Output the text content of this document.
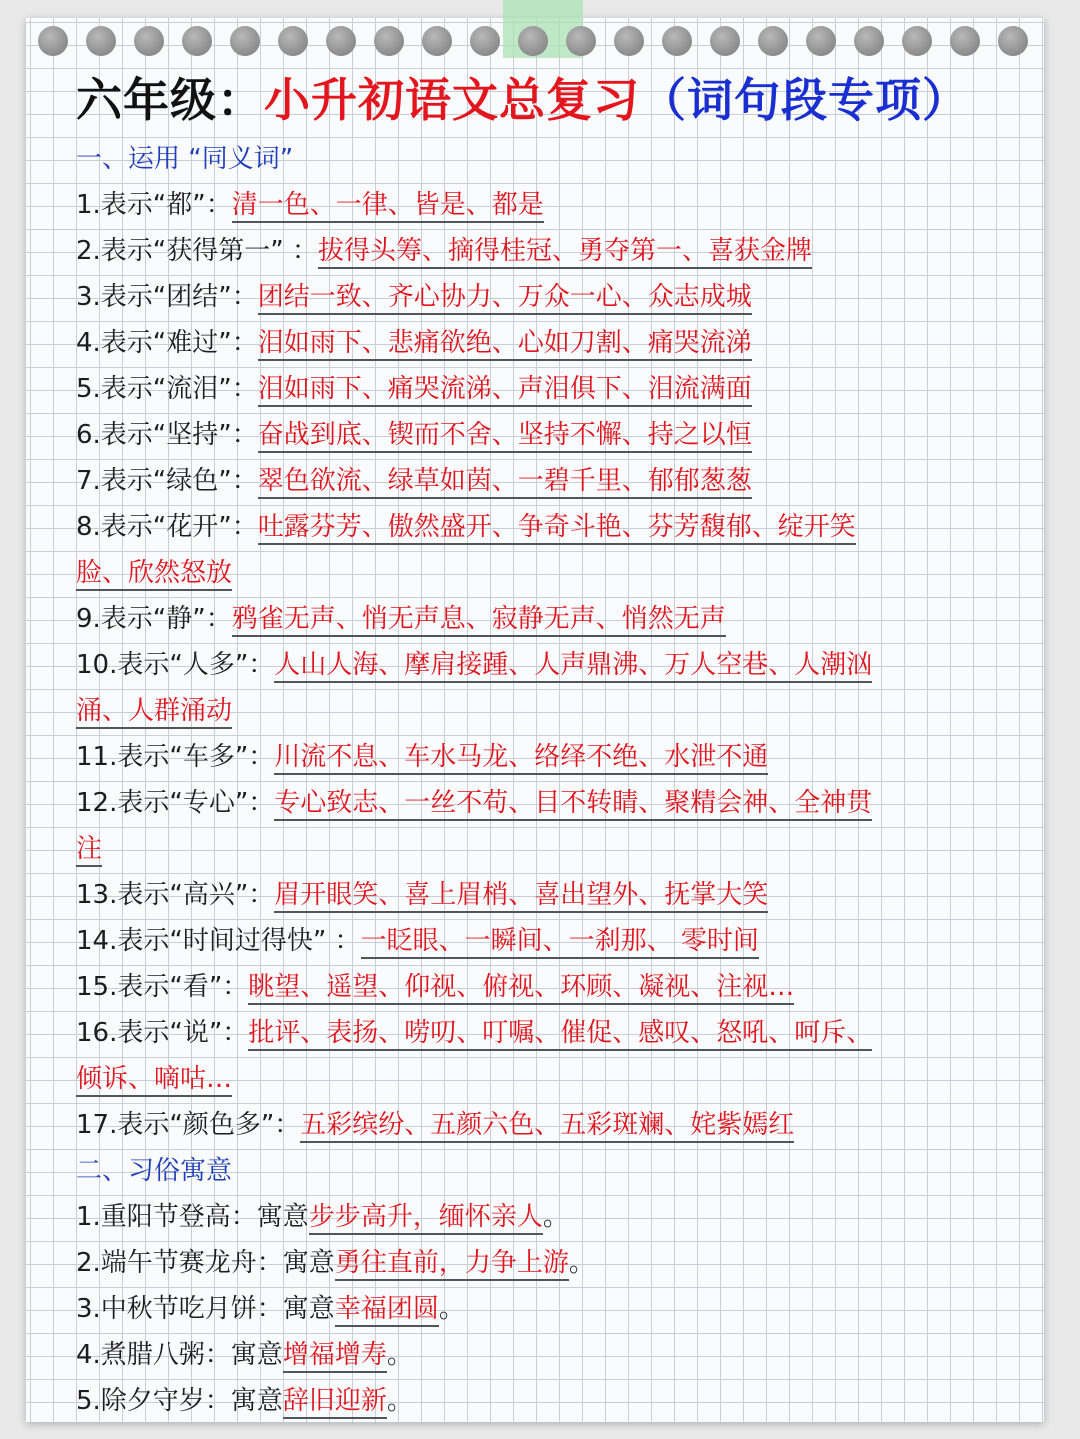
六年级：小升初语文总复习（词句段专项）
一、运用 “同义词”
1.表示“都”：清一色、一律、皆是、都是
2.表示“获得第一” ：拔得头筹、摘得桂冠、勇夺第一、喜获金牌
3.表示“团结”：团结一致、齐心协力、万众一心、众志成城
4.表示“难过”：泪如雨下、悲痛欲绝、心如刀割、痛哭流涕
5.表示“流泪”：泪如雨下、痛哭流涕、声泪俱下、泪流满面
6.表示“坚持”：奋战到底、锲而不舍、坚持不懈、持之以恒
7.表示“绿色”：翠色欲流、绿草如茵、一碧千里、郁郁葱葱
8.表示“花开”：吐露芬芳、傲然盛开、争奇斗艳、芬芳馥郁、绽开笑
脸、欣然怒放
9.表示“静”：鸦雀无声、悄无声息、寂静无声、悄然无声
10.表示“人多”：人山人海、摩肩接踵、人声鼎沸、万人空巷、人潮汹
涌、人群涌动
11.表示“车多”：川流不息、车水马龙、络绎不绝、水泄不通
12.表示“专心”：专心致志、一丝不苟、目不转睛、聚精会神、全神贯
注
13.表示“高兴”：眉开眼笑、喜上眉梢、喜出望外、抚掌大笑
14.表示“时间过得快” ：一眨眼、一瞬间、一刹那、 零时间
15.表示“看”：眺望、遥望、仰视、俯视、环顾、凝视、注视…
16.表示“说”：批评、表扬、唠叨、叮嘱、催促、感叹、怒吼、呵斥、
倾诉、嘀咕…
17.表示“颜色多”：五彩缤纷、五颜六色、五彩斑斓、姹紫嫣红
二、习俗寓意
1.重阳节登高：寓意步步高升，缅怀亲人。
2.端午节赛龙舟：寓意勇往直前，力争上游。
3.中秋节吃月饼：寓意幸福团圆。
4.煮腊八粥：寓意增福增寿。
5.除夕守岁：寓意辞旧迎新。
